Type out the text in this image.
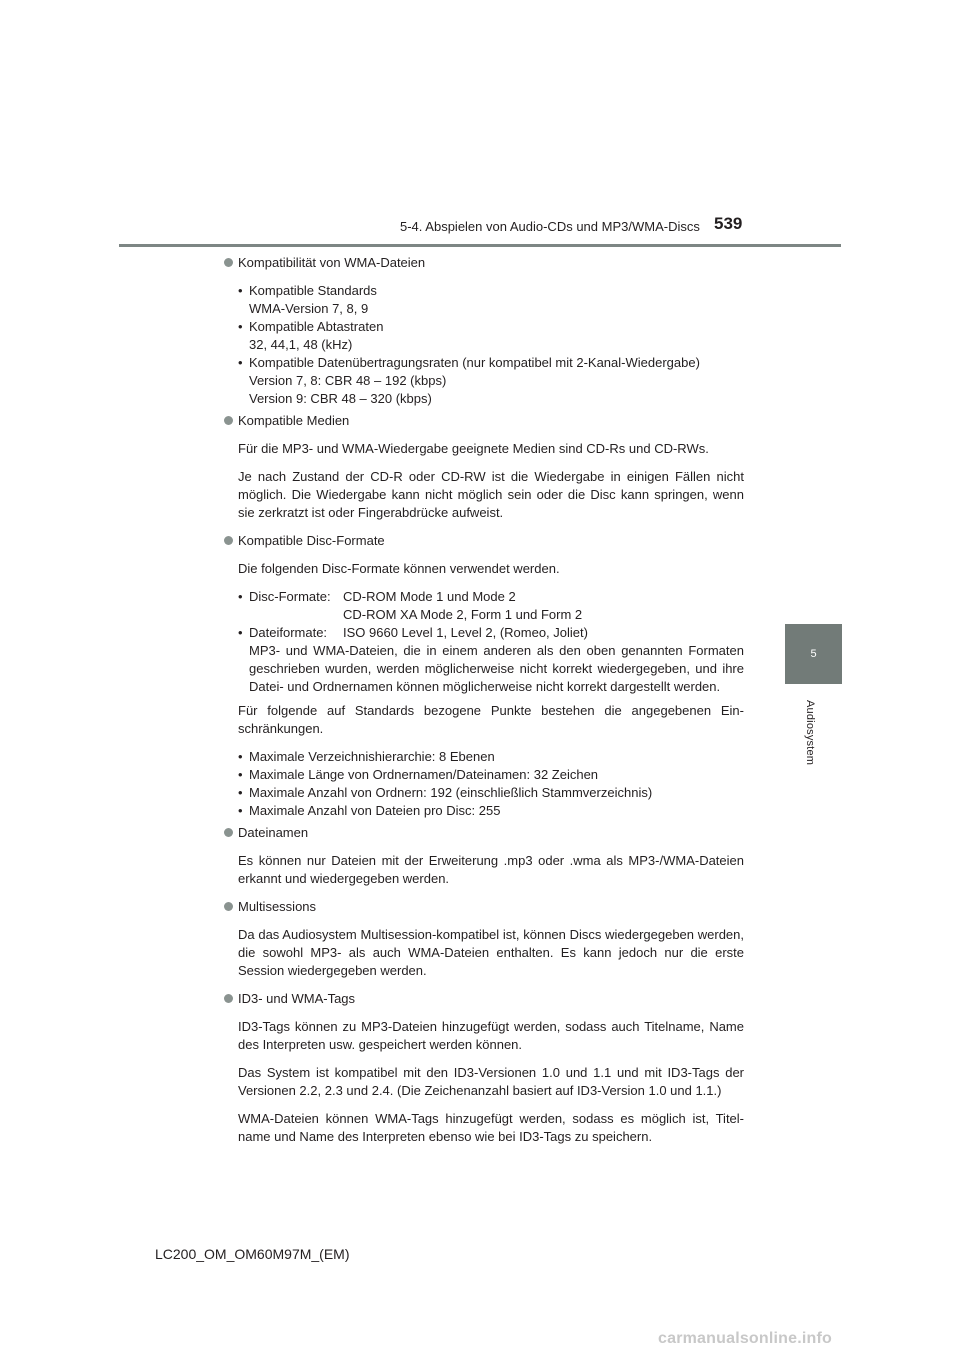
5-4. Abspielen von Audio-CDs und MP3/WMA-Discs 539
5
Audiosystem
Kompatibilität von WMA-Dateien
• Kompatible Standards
WMA-Version 7, 8, 9
• Kompatible Abtastraten
32, 44,1, 48 (kHz)
• Kompatible Datenübertragungsraten (nur kompatibel mit 2-Kanal-Wiedergabe)
Version 7, 8: CBR 48 – 192 (kbps)
Version 9: CBR 48 – 320 (kbps)
Kompatible Medien

Für die MP3- und WMA-Wiedergabe geeignete Medien sind CD-Rs und CD-RWs.

Je nach Zustand der CD-R oder CD-RW ist die Wiedergabe in einigen Fällen nicht möglich. Die Wiedergabe kann nicht möglich sein oder die Disc kann springen, wenn sie zerkratzt ist oder Fingerabdrücke aufweist.

Kompatible Disc-Formate

Die folgenden Disc-Formate können verwendet werden.

• Disc-Formate: CD-ROM Mode 1 und Mode 2
CD-ROM XA Mode 2, Form 1 und Form 2
• Dateiformate:	ISO 9660 Level 1, Level 2, (Romeo, Joliet)
MP3- und WMA-Dateien, die in einem anderen als den oben genannten Formaten geschrieben wurden, werden möglicherweise nicht korrekt wiedergegeben, und ihre Datei- und Ordnernamen können möglicherweise nicht korrekt dargestellt werden.

Für folgende auf Standards bezogene Punkte bestehen die angegebenen Ein-schränkungen.

• Maximale Verzeichnishierarchie: 8 Ebenen
• Maximale Länge von Ordnernamen/Dateinamen: 32 Zeichen
• Maximale Anzahl von Ordnern: 192 (einschließlich Stammverzeichnis)
• Maximale Anzahl von Dateien pro Disc: 255
Dateinamen

Es können nur Dateien mit der Erweiterung .mp3 oder .wma als MP3-/WMA-Dateien erkannt und wiedergegeben werden.

Multisessions

Da das Audiosystem Multisession-kompatibel ist, können Discs wiedergegeben werden, die sowohl MP3- als auch WMA-Dateien enthalten. Es kann jedoch nur die erste Session wiedergegeben werden.

ID3- und WMA-Tags

ID3-Tags können zu MP3-Dateien hinzugefügt werden, sodass auch Titelname, Name des Interpreten usw. gespeichert werden können.

Das System ist kompatibel mit den ID3-Versionen 1.0 und 1.1 und mit ID3-Tags der Versionen 2.2, 2.3 und 2.4. (Die Zeichenanzahl basiert auf ID3-Version 1.0 und 1.1.)

WMA-Dateien können WMA-Tags hinzugefügt werden, sodass es möglich ist, Titel-name und Name des Interpreten ebenso wie bei ID3-Tags zu speichern.

LC200_OM_OM60M97M_(EM)
carmanualsonline.info
